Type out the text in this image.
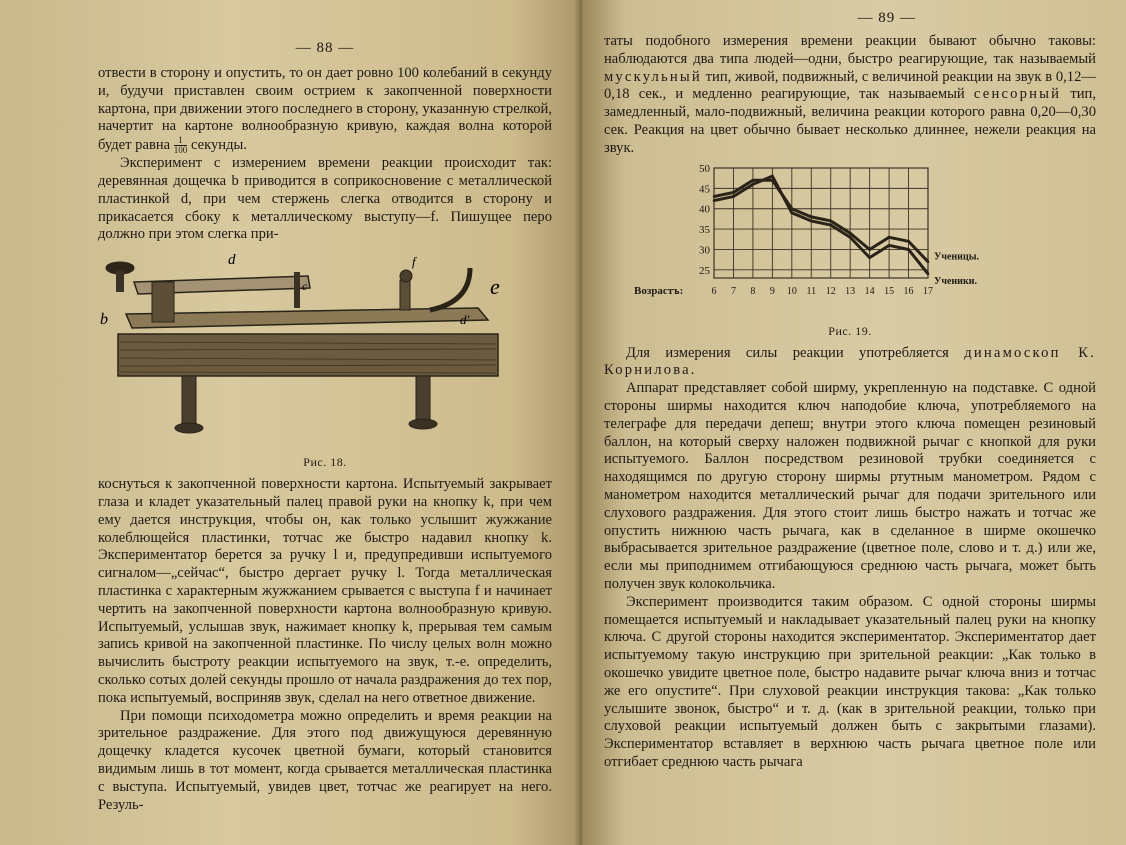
— 88 —

отвести в сторону и опустить, то он дает ровно 100 колебаний в секунду и, будучи приставлен своим острием к закопченной поверхности картона, при движении этого последнего в сторону, указанную стрелкой, начертит на картоне волнообразную кривую, каждая волна которой будет равна $\frac{1}{100}$ секунды.

Эксперимент с измерением времени реакции происходит так: деревянная дощечка b приводится в соприкосновение с металлической пластинкой d, при чем стержень слегка отводится в сторону и прикасается сбоку к металлическому выступу—f. Пишущее перо должно при этом слегка при-

d
c
f
e
b	d'
Рис. 18.

коснуться к закопченной поверхности картона. Испытуемый закрывает глаза и кладет указательный палец правой руки на кнопку k, при чем ему дается инструкция, чтобы он, как только услышит жужжание колеблющейся пластинки, тотчас же быстро надавил кнопку k. Экспериментатор берется за ручку l и, предупредивши испытуемого сигналом—„сейчас“, быстро дергает ручку l. Тогда металлическая пластинка с характерным жужжанием срывается с выступа f и начинает чертить на закопченной поверхности картона волнообразную кривую. Испытуемый, услышав звук, нажимает кнопку k, прерывая тем самым запись кривой на закопченной пластинке. По числу целых волн можно вычислить быстроту реакции испытуемого на звук, т.-е. определить, сколько сотых долей секунды прошло от начала раздражения до тех пор, пока испытуемый, восприняв звук, сделал на него ответное движение.

При помощи психодометра можно определить и время реакции на зрительное раздражение. Для этого под движущуюся деревянную дощечку кладется кусочек цветной бумаги, который становится видимым лишь в тот момент, когда срывается металлическая пластинка с выступа. Испытуемый, увидев цвет, тотчас же реагирует на него. Резуль-

— 89 —

таты подобного измерения времени реакции бывают обычно таковы: наблюдаются два типа людей—одни, быстро реагирующие, так называемый мускульный тип, живой, подвижный, с величиной реакции на звук в 0,12—0,18 сек., и медленно реагирующие, так называемый сенсорный тип, замедленный, мало-подвижный, величина реакции которого равна 0,20—0,30 сек. Реакция на цвет обычно бывает несколько длиннее, нежели реакция на звук.

6 7 8 9 10 11 12 13 14 15 16 17
25
30
35
40
45
50
Возрастъ:
Ученицы.
Ученики.
Рис. 19.

Для измерения силы реакции употребляется динамоскоп К. Корнилова.

Аппарат представляет собой ширму, укрепленную на подставке. С одной стороны ширмы находится ключ наподобие ключа, употребляемого на телеграфе для передачи депеш; внутри этого ключа помещен резиновый баллон, на который сверху наложен подвижной рычаг с кнопкой для руки испытуемого. Баллон посредством резиновой трубки соединяется с находящимся по другую сторону ширмы ртутным манометром. Рядом с манометром находится металлический рычаг для подачи зрительного или слухового раздражения. Для этого стоит лишь быстро нажать и тотчас же опустить нижнюю часть рычага, как в сделанное в ширме окошечко выбрасывается зрительное раздражение (цветное поле, слово и т. д.) или же, если мы приподнимем отгибающуюся среднюю часть рычага, может быть получен звук колокольчика.

Эксперимент производится таким образом. С одной стороны ширмы помещается испытуемый и накладывает указательный палец руки на кнопку ключа. С другой стороны находится экспериментатор. Экспериментатор дает испытуемому такую инструкцию при зрительной реакции: „Как только в окошечко увидите цветное поле, быстро надавите рычаг ключа вниз и тотчас же его опустите“. При слуховой реакции инструкция такова: „Как только услышите звонок, быстро“ и т. д. (как в зрительной реакции, только при слуховой реакции испытуемый должен быть с закрытыми глазами). Экспериментатор вставляет в верхнюю часть рычага цветное поле или отгибает среднюю часть рычага
